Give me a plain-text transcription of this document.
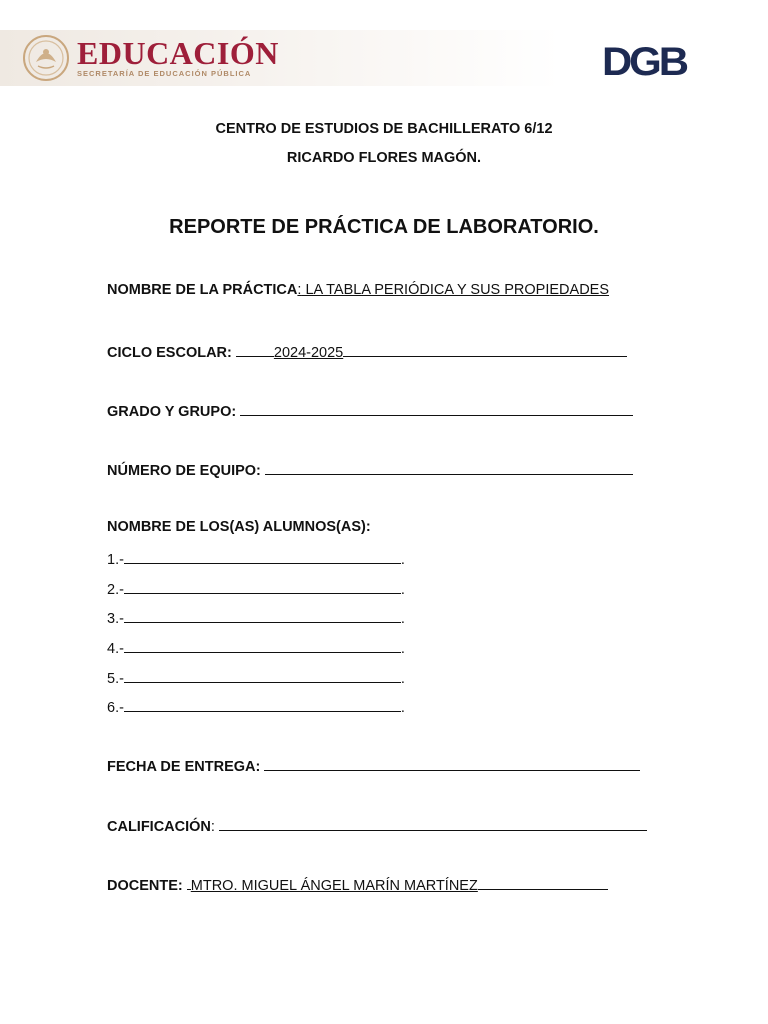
EDUCACIÓN
SECRETARÍA DE EDUCACIÓN PÚBLICA	DGB
CENTRO DE ESTUDIOS DE BACHILLERATO 6/12
RICARDO FLORES MAGÓN.
REPORTE DE PRÁCTICA DE LABORATORIO.
NOMBRE DE LA PRÁCTICA: LA TABLA PERIÓDICA Y SUS PROPIEDADES
CICLO ESCOLAR:	2024-2025
GRADO Y GRUPO:
NÚMERO DE EQUIPO:
NOMBRE DE LOS(AS) ALUMNOS(AS):
1.-	.
2.-	.
3.-	.
4.-	.
5.-	.
6.-	.
FECHA DE ENTREGA:
CALIFICACIÓN:
DOCENTE: MTRO. MIGUEL ÁNGEL MARÍN MARTÍNEZ
